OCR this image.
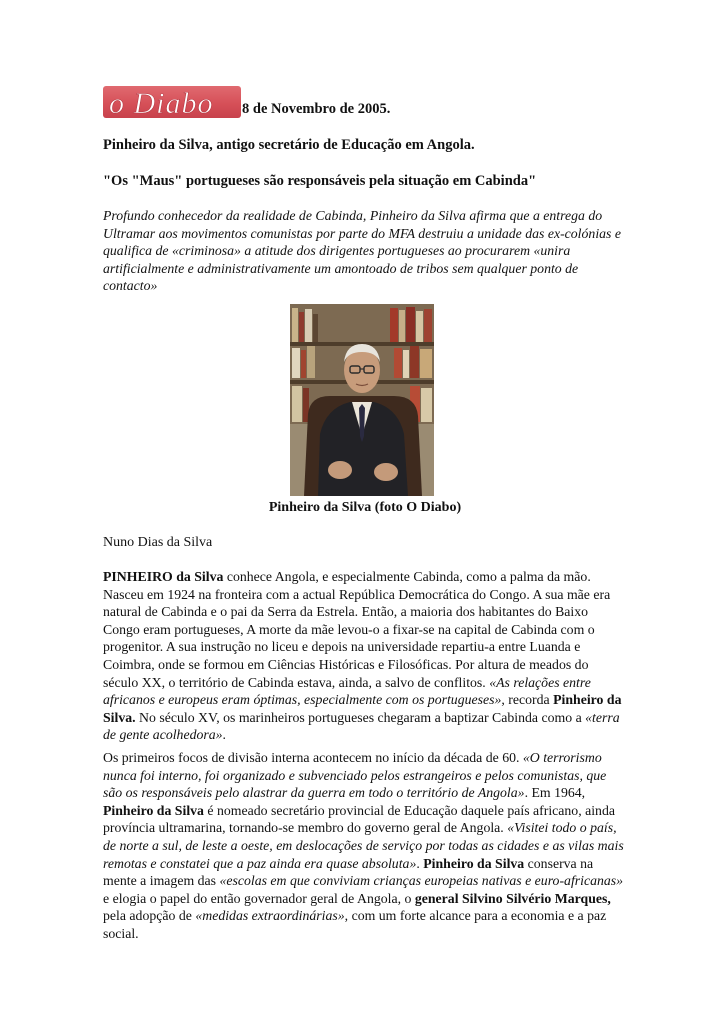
o Diabo 8 de Novembro de 2005.
Pinheiro da Silva, antigo secretário de Educação em Angola.
"Os "Maus" portugueses são responsáveis pela situação em Cabinda"
Profundo conhecedor da realidade de Cabinda, Pinheiro da Silva afirma que a entrega do Ultramar aos movimentos comunistas por parte do MFA destruiu a unidade das ex-colónias e qualifica de «criminosa» a atitude dos dirigentes portugueses ao procurarem «unira artificialmente e administrativamente um amontoado de tribos sem qualquer ponto de contacto»
Pinheiro da Silva (foto O Diabo)
Nuno Dias da Silva
PINHEIRO da Silva conhece Angola, e especialmente Cabinda, como a palma da mão. Nasceu em 1924 na fronteira com a actual República Democrática do Congo. A sua mãe era natural de Cabinda e o pai da Serra da Estrela. Então, a maioria dos habitantes do Baixo Congo eram portugueses, A morte da mãe levou-o a fixar-se na capital de Cabinda com o progenitor. A sua instrução no liceu e depois na universidade repartiu-a entre Luanda e Coimbra, onde se formou em Ciências Históricas e Filosóficas. Por altura de meados do século XX, o território de Cabinda estava, ainda, a salvo de conflitos. «As relações entre africanos e europeus eram óptimas, especialmente com os portugueses», recorda Pinheiro da Silva. No século XV, os marinheiros portugueses chegaram a baptizar Cabinda como a «terra de gente acolhedora».
Os primeiros focos de divisão interna acontecem no início da década de 60. «O terrorismo nunca foi interno, foi organizado e subvenciado pelos estrangeiros e pelos comunistas, que são os responsáveis pelo alastrar da guerra em todo o território de Angola». Em 1964, Pinheiro da Silva é nomeado secretário provincial de Educação daquele país africano, ainda província ultramarina, tornando-se membro do governo geral de Angola. «Visitei todo o país, de norte a sul, de leste a oeste, em deslocações de serviço por todas as cidades e as vilas mais remotas e constatei que a paz ainda era quase absoluta». Pinheiro da Silva conserva na mente a imagem das «escolas em que conviviam crianças europeias nativas e euro-africanas» e elogia o papel do então governador geral de Angola, o general Silvino Silvério Marques, pela adopção de «medidas extraordinárias», com um forte alcance para a economia e a paz social.
